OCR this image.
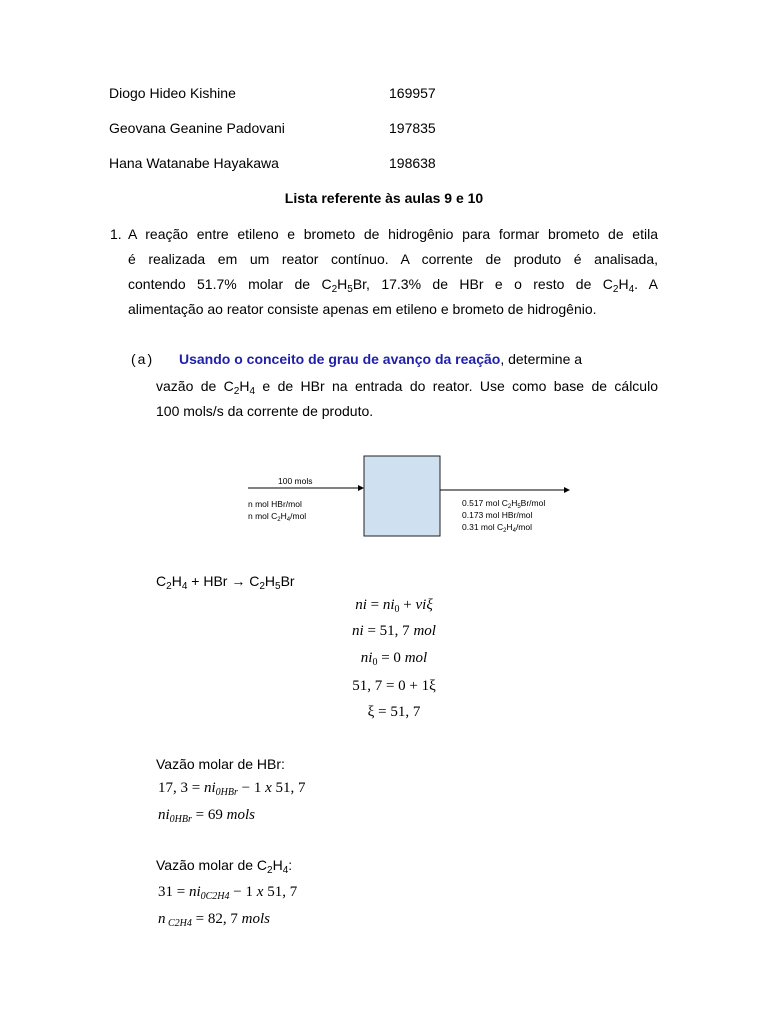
Diogo Hideo Kishine	169957
Geovana Geanine Padovani	197835
Hana Watanabe Hayakawa	198638
Lista referente às aulas 9 e 10
1. A reação entre etileno e brometo de hidrogênio para formar brometo de etila
é realizada em um reator contínuo. A corrente de produto é analisada,
contendo 51.7% molar de $C_2H_5Br$, 17.3% de HBr e o resto de $C_2H_4$. A
alimentação ao reator consiste apenas em etileno e brometo de hidrogênio.
(a) Usando o conceito de grau de avanço da reação, determine a
vazão de $C_2H_4$ e de HBr na entrada do reator. Use como base de cálculo
100 mols/s da corrente de produto.
100 mols
n mol HBr/mol
n mol $C_2H_4$/mol
0.517 mol $C_2H_5Br$/mol
0.173 mol HBr/mol
0.31 mol $C_2H_4$/mol
$C_2H_4$ + HBr → $C_2H_5Br$
ni = $ni_0 + vi\xi$
ni = 51, 7 mol
$ni_0 = 0$ mol
51, 7 = 0 + 1ξ
ξ = 51, 7
Vazão molar de HBr:
17, $3 = ni_{0HBr} - 1$ x 51, 7
$ni_{0HBr} = 69$ mols
Vazão molar de $C_2H_4$:
$31 = ni_{0C2H4} - 1$ x 51, 7
n $_{C2H4}$ = 82, 7 mols
